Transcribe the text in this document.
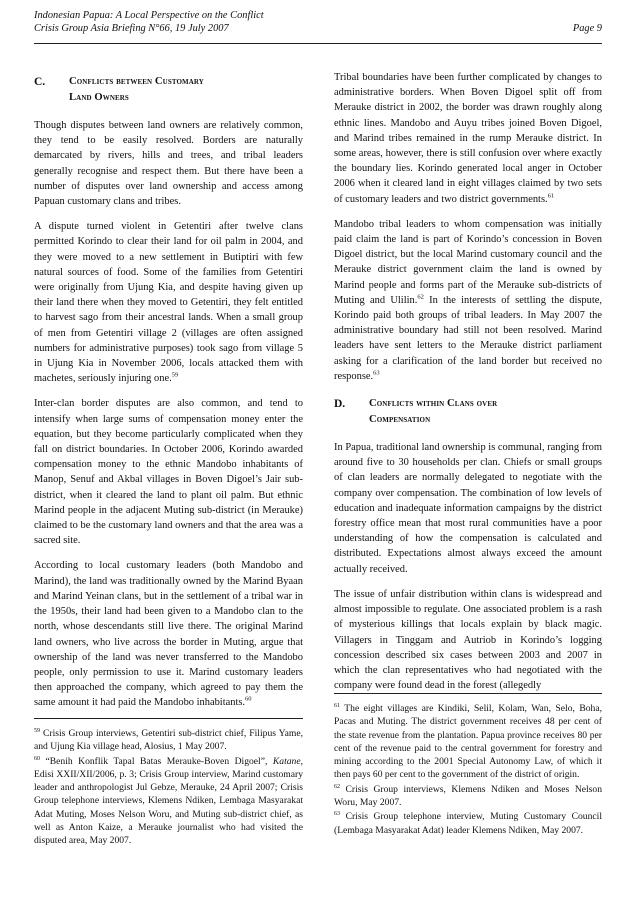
Indonesian Papua: A Local Perspective on the Conflict
Crisis Group Asia Briefing N°66, 19 July 2007	Page 9
C.	Conflicts between Customary
Land Owners

Though disputes between land owners are relatively common, they tend to be easily resolved. Borders are naturally demarcated by rivers, hills and trees, and tribal leaders generally recognise and respect them. But there have been a number of disputes over land ownership and access among Papuan customary clans and tribes.

A dispute turned violent in Getentiri after twelve clans permitted Korindo to clear their land for oil palm in 2004, and they were moved to a new settlement in Butiptiri with few natural sources of food. Some of the families from Getentiri were originally from Ujung Kia, and despite having given up their land there when they moved to Getentiri, they felt entitled to harvest sago from their ancestral lands. When a small group of men from Getentiri village 2 (villages are often assigned numbers for administrative purposes) took sago from village 5 in Ujung Kia in November 2006, locals attacked them with machetes, seriously injuring one.$^{59}$

Inter-clan border disputes are also common, and tend to intensify when large sums of compensation money enter the equation, but they become particularly complicated when they fall on district boundaries. In October 2006, Korindo awarded compensation money to the ethnic Mandobo inhabitants of Manop, Senuf and Akbal villages in Boven Digoel’s Jair sub-district, when it cleared the land to plant oil palm. But ethnic Marind people in the adjacent Muting sub-district (in Merauke) claimed to be the customary land owners and that the area was a sacred site.

According to local customary leaders (both Mandobo and Marind), the land was traditionally owned by the Marind Byaan and Marind Yeinan clans, but in the settlement of a tribal war in the 1950s, their land had been given to a Mandobo clan to the north, whose descendants still live there. The original Marind land owners, who live across the border in Muting, argue that ownership of the land was never transferred to the Mandobo people, only permission to use it. Marind customary leaders then approached the company, which agreed to pay them the same amount it had paid the Mandobo inhabitants.$^{60}$

$^{59}$ Crisis Group interviews, Getentiri sub-district chief, Filipus Yame, and Ujung Kia village head, Alosius, 1 May 2007.

$^{60}$ “Benih Konflik Tapal Batas Merauke-Boven Digoel”, Katane, Edisi XXII/XII/2006, p. 3; Crisis Group interview, Marind customary leader and anthropologist Jul Gebze, Merauke, 24 April 2007; Crisis Group telephone interviews, Klemens Ndiken, Lembaga Masyarakat Adat Muting, Moses Nelson Woru, and Muting sub-district chief, as well as Anton Kaize, a Merauke journalist who had visited the disputed area, May 2007.

Tribal boundaries have been further complicated by changes to administrative borders. When Boven Digoel split off from Merauke district in 2002, the border was drawn roughly along ethnic lines. Mandobo and Auyu tribes joined Boven Digoel, and Marind tribes remained in the rump Merauke district. In some areas, however, there is still confusion over where exactly the boundary lies. Korindo generated local anger in October 2006 when it cleared land in eight villages claimed by two sets of customary leaders and two district governments.$^{61}$

Mandobo tribal leaders to whom compensation was initially paid claim the land is part of Korindo’s concession in Boven Digoel district, but the local Marind customary council and the Merauke district government claim the land is owned by Marind people and forms part of the Merauke sub-districts of Muting and Ulilin.$^{62}$ In the interests of settling the dispute, Korindo paid both groups of tribal leaders. In May 2007 the administrative boundary had still not been resolved. Marind leaders have sent letters to the Merauke district parliament asking for a clarification of the land border but received no response.$^{63}$

D.	Conflicts within Clans over
Compensation

In Papua, traditional land ownership is communal, ranging from around five to 30 households per clan. Chiefs or small groups of clan leaders are normally delegated to negotiate with the company over compensation. The combination of low levels of education and inadequate information campaigns by the district forestry office mean that most rural communities have a poor understanding of how the compensation is calculated and distributed. Expectations almost always exceed the amount actually received.

The issue of unfair distribution within clans is widespread and almost impossible to regulate. One associated problem is a rash of mysterious killings that locals explain by black magic. Villagers in Tinggam and Autriob in Korindo’s logging concession described six cases between 2003 and 2007 in which the clan representatives who had negotiated with the company were found dead in the forest (allegedly

$^{61}$ The eight villages are Kindiki, Selil, Kolam, Wan, Selo, Boha, Pacas and Muting. The district government receives 48 per cent of the state revenue from the plantation. Papua province receives 80 per cent of the revenue paid to the central government for forestry and mining according to the 2001 Special Autonomy Law, of which it then pays 60 per cent to the government of the district of origin.

$^{62}$ Crisis Group interviews, Klemens Ndiken and Moses Nelson Woru, May 2007.

$^{63}$ Crisis Group telephone interview, Muting Customary Council (Lembaga Masyarakat Adat) leader Klemens Ndiken, May 2007.
